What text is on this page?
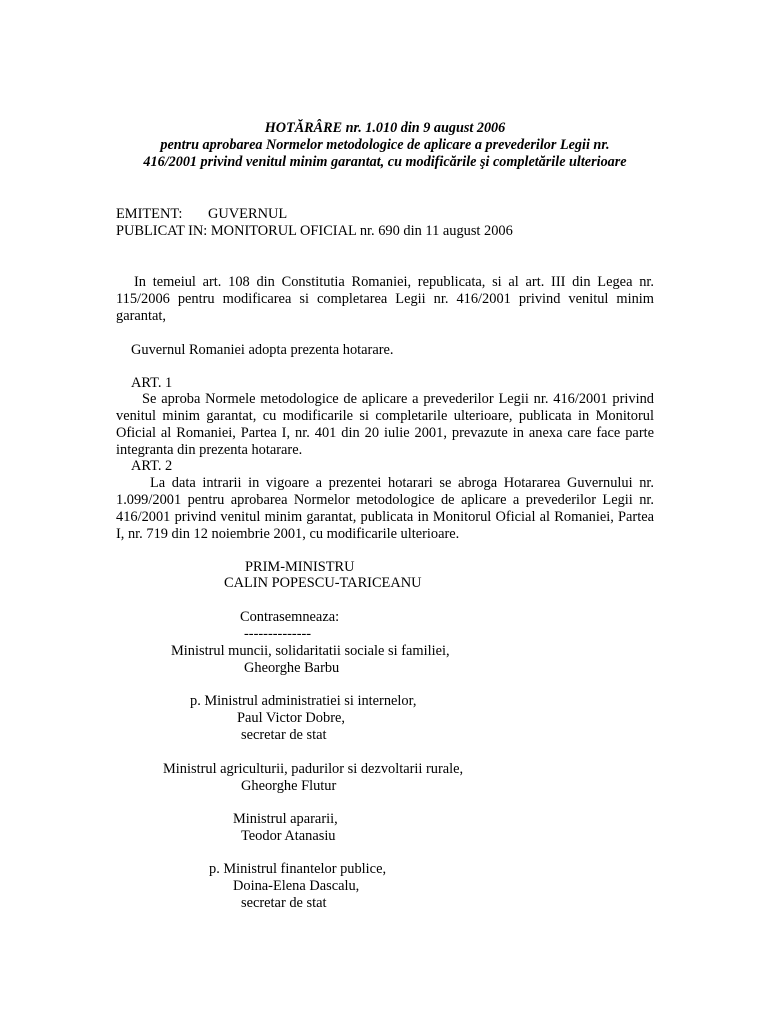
HOTĂRÂRE nr. 1.010 din 9 august 2006
pentru aprobarea Normelor metodologice de aplicare a prevederilor Legii nr.
416/2001 privind venitul minim garantat, cu modificările şi completările ulterioare
EMITENT: GUVERNUL
PUBLICAT IN: MONITORUL OFICIAL nr. 690 din 11 august 2006
In temeiul art. 108 din Constitutia Romaniei, republicata, si al art. III din Legea nr. 115/2006 pentru modificarea si completarea Legii nr. 416/2001 privind venitul minim garantat,
Guvernul Romaniei adopta prezenta hotarare.
ART. 1
Se aproba Normele metodologice de aplicare a prevederilor Legii nr. 416/2001 privind venitul minim garantat, cu modificarile si completarile ulterioare, publicata in Monitorul Oficial al Romaniei, Partea I, nr. 401 din 20 iulie 2001, prevazute in anexa care face parte integranta din prezenta hotarare.
ART. 2
La data intrarii in vigoare a prezentei hotarari se abroga Hotararea Guvernului nr. 1.099/2001 pentru aprobarea Normelor metodologice de aplicare a prevederilor Legii nr. 416/2001 privind venitul minim garantat, publicata in Monitorul Oficial al Romaniei, Partea I, nr. 719 din 12 noiembrie 2001, cu modificarile ulterioare.
PRIM-MINISTRU
CALIN POPESCU-TARICEANU
Contrasemneaza:
--------------
Ministrul muncii, solidaritatii sociale si familiei,
Gheorghe Barbu
p. Ministrul administratiei si internelor,
Paul Victor Dobre,
secretar de stat
Ministrul agriculturii, padurilor si dezvoltarii rurale,
Gheorghe Flutur
Ministrul apararii,
Teodor Atanasiu
p. Ministrul finantelor publice,
Doina-Elena Dascalu,
secretar de stat
